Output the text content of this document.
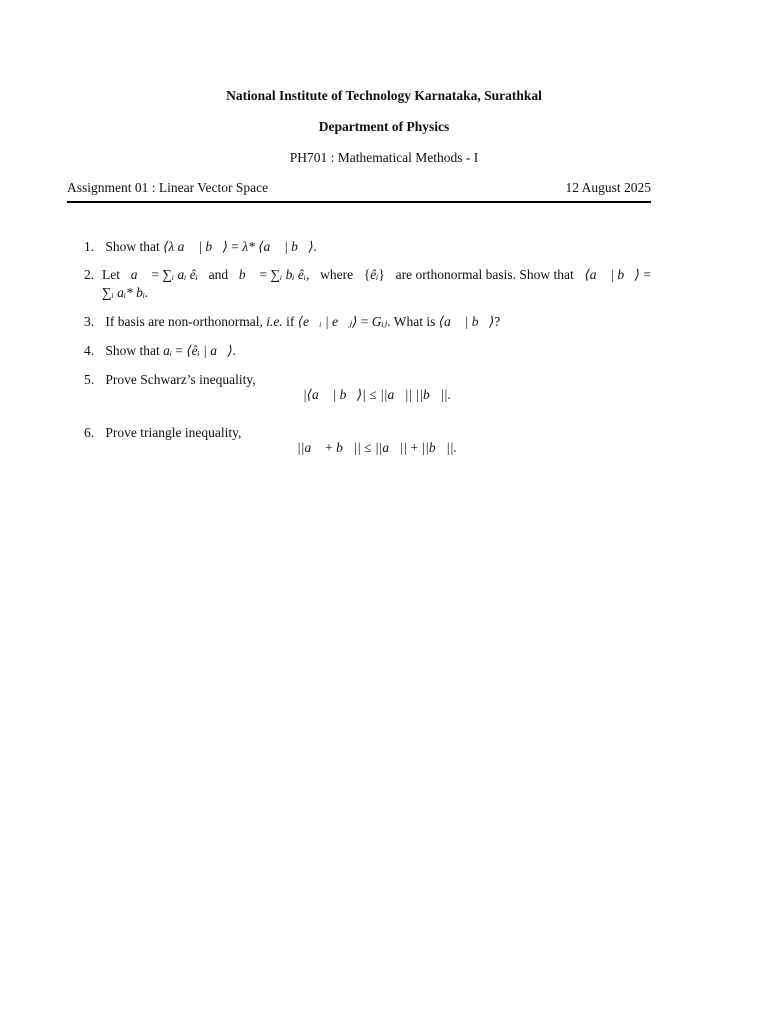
National Institute of Technology Karnataka, Surathkal
Department of Physics
PH701 : Mathematical Methods - I
Assignment 01 : Linear Vector Space	12 August 2025
1. Show that ⟨λ a⃗ | b⃗⟩ = λ* ⟨a⃗ | b⃗⟩.
2. Let a⃗ = ∑ᵢ aᵢ êᵢ and b⃗ = ∑ᵢ bᵢ êᵢ, where {êᵢ} are orthonormal basis. Show that ⟨a⃗ | b⃗⟩ =
∑ᵢ aᵢ* bᵢ.
3. If basis are non-orthonormal, i.e. if ⟨e⃗ᵢ | e⃗ⱼ⟩ = Gᵢⱼ. What is ⟨a⃗ | b⃗⟩?
4. Show that aᵢ = ⟨êᵢ | a⃗⟩.
5. Prove Schwarz’s inequality,
|⟨a⃗ | b⃗⟩| ≤ ||a⃗|| ||b⃗||.
6. Prove triangle inequality,
||a⃗ + b⃗|| ≤ ||a⃗|| + ||b⃗||.
